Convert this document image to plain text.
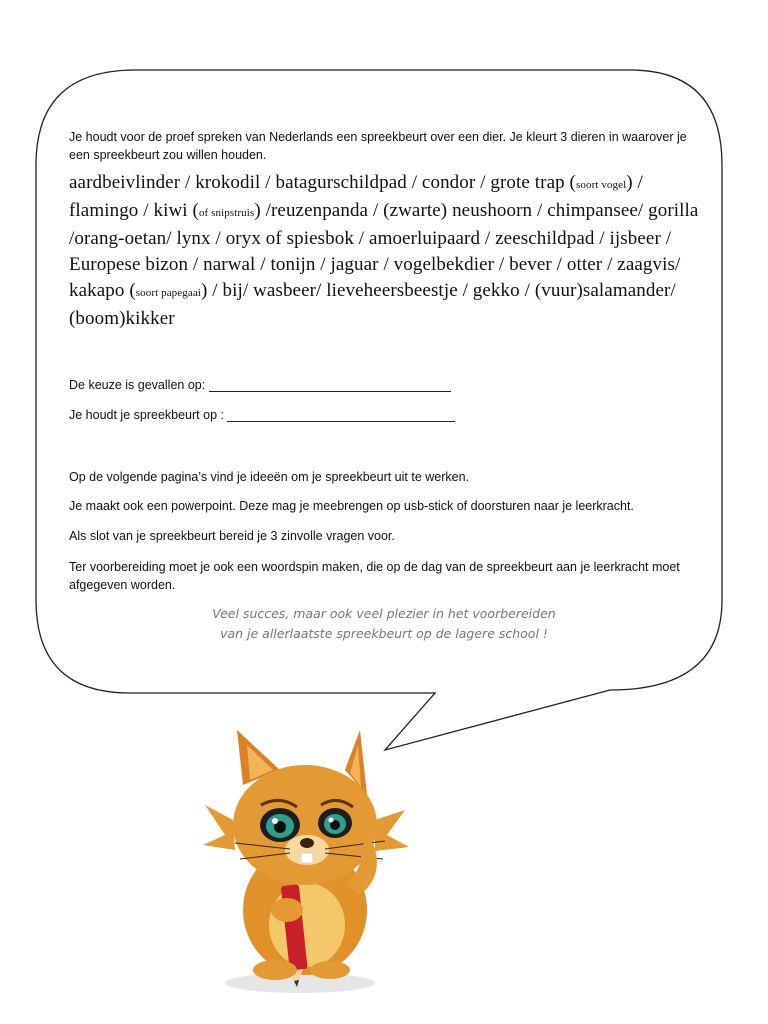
Je houdt voor de proef spreken van Nederlands een spreekbeurt over een dier. Je kleurt 3 dieren in waarover je een spreekbeurt zou willen houden.

aardbeivlinder / krokodil / batagurschildpad / condor / grote trap (soort vogel) / flamingo / kiwi (of snipstruis) /reuzenpanda / (zwarte) neushoorn / chimpansee/ gorilla /orang-oetan/ lynx / oryx of spiesbok / amoerluipaard / zeeschildpad / ijsbeer / Europese bizon / narwal / tonijn / jaguar / vogelbekdier / bever / otter / zaagvis/ kakapo (soort papegaai) / bij/ wasbeer/ lieveheersbeestje / gekko / (vuur)salamander/ (boom)kikker

De keuze is gevallen op:

Je houdt je spreekbeurt op :

Op de volgende pagina’s vind je ideeën om je spreekbeurt uit te werken.

Je maakt ook een powerpoint. Deze mag je meebrengen op usb-stick of doorsturen naar je leerkracht.

Als slot van je spreekbeurt bereid je 3 zinvolle vragen voor.

Ter voorbereiding moet je ook een woordspin maken, die op de dag van de spreekbeurt aan je leerkracht moet afgegeven worden.

Veel succes, maar ook veel plezier in het voorbereiden
van je allerlaatste spreekbeurt op de lagere school !
